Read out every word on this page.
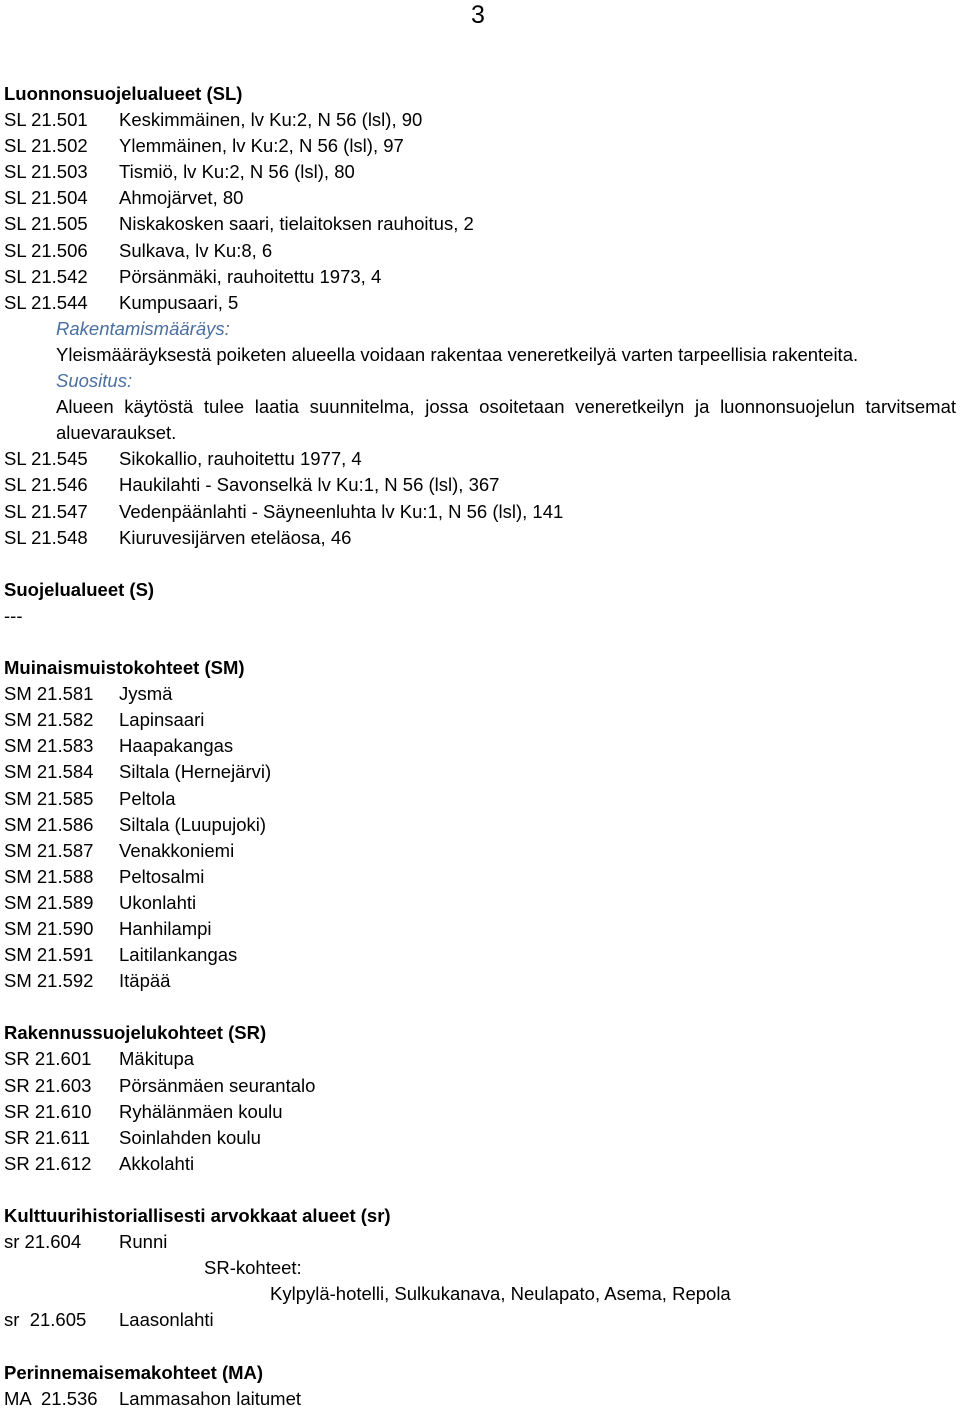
3
Luonnonsuojelualueet (SL)
SL 21.501 Keskimmäinen, lv Ku:2, N 56 (lsl), 90
SL 21.502 Ylemmäinen, lv Ku:2, N 56 (lsl), 97
SL 21.503 Tismiö, lv Ku:2, N 56 (lsl), 80
SL 21.504 Ahmojärvet, 80
SL 21.505 Niskakosken saari, tielaitoksen rauhoitus, 2
SL 21.506 Sulkava, lv Ku:8, 6
SL 21.542 Pörsänmäki, rauhoitettu 1973, 4
SL 21.544 Kumpusaari, 5
Rakentamismääräys:
Yleismääräyksestä poiketen alueella voidaan rakentaa veneretkeilyä varten tarpeellisia rakenteita.
Suositus:
Alueen käytöstä tulee laatia suunnitelma, jossa osoitetaan veneretkeilyn ja luonnonsuojelun tarvitsemat aluevaraukset.
SL 21.545 Sikokallio, rauhoitettu 1977, 4
SL 21.546 Haukilahti - Savonselkä lv Ku:1, N 56 (lsl), 367
SL 21.547 Vedenpäänlahti - Säyneenluhta lv Ku:1, N 56 (lsl), 141
SL 21.548 Kiuruvesijärven eteläosa, 46
Suojelualueet (S)
---
Muinaismuistokohteet (SM)
SM 21.581 Jysmä
SM 21.582 Lapinsaari
SM 21.583 Haapakangas
SM 21.584 Siltala (Hernejärvi)
SM 21.585 Peltola
SM 21.586 Siltala (Luupujoki)
SM 21.587 Venakkoniemi
SM 21.588 Peltosalmi
SM 21.589 Ukonlahti
SM 21.590 Hanhilampi
SM 21.591 Laitilankangas
SM 21.592 Itäpää
Rakennussuojelukohteet (SR)
SR 21.601 Mäkitupa
SR 21.603 Pörsänmäen seurantalo
SR 21.610 Ryhälänmäen koulu
SR 21.611 Soinlahden koulu
SR 21.612 Akkolahti
Kulttuurihistoriallisesti arvokkaat alueet (sr)
sr 21.604 Runni
SR-kohteet:
Kylpylä-hotelli, Sulkukanava, Neulapato, Asema, Repola
sr  21.605 Laasonlahti
Perinnemaisemakohteet (MA)
MA  21.536 Lammasahon laitumet
